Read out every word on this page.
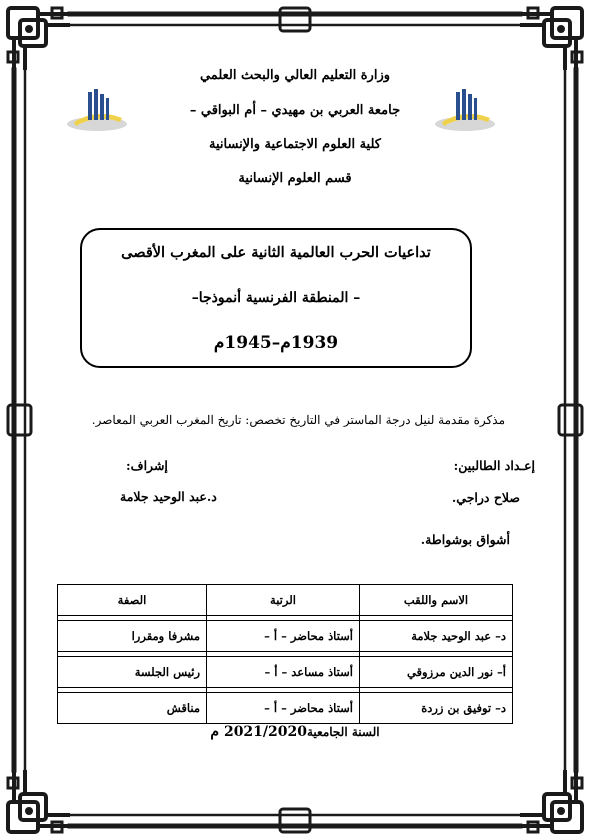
وزارة التعليم العالي والبحث العلمي
جامعة العربي بن مهيدي – أم البواقي –
كلية العلوم الاجتماعية والإنسانية
قسم العلوم الإنسانية
تداعيات الحرب العالمية الثانية على المغرب الأقصى
– المنطقة الفرنسية أنموذجا–
1939م–1945م
مذكرة مقدمة لنيل درجة الماستر في التاريخ تخصص: تاريخ المغرب العربي المعاصر.
إعـداد الطالبين:
صلاح دراجي.
أشواق بوشواطة.
إشراف:
د.عبد الوحيد جلامة
الاسم واللقب	الرتبة	الصفة

د– عبد الوحيد جلامة	أستاذ محاضر – أ –	مشرفا ومقررا

أ– نور الدين مرزوقي	أستاذ مساعد – أ –	رئيس الجلسة

د– توفيق بن زردة	أستاذ محاضر – أ –	مناقش
السنة الجامعية2021/2020 م
